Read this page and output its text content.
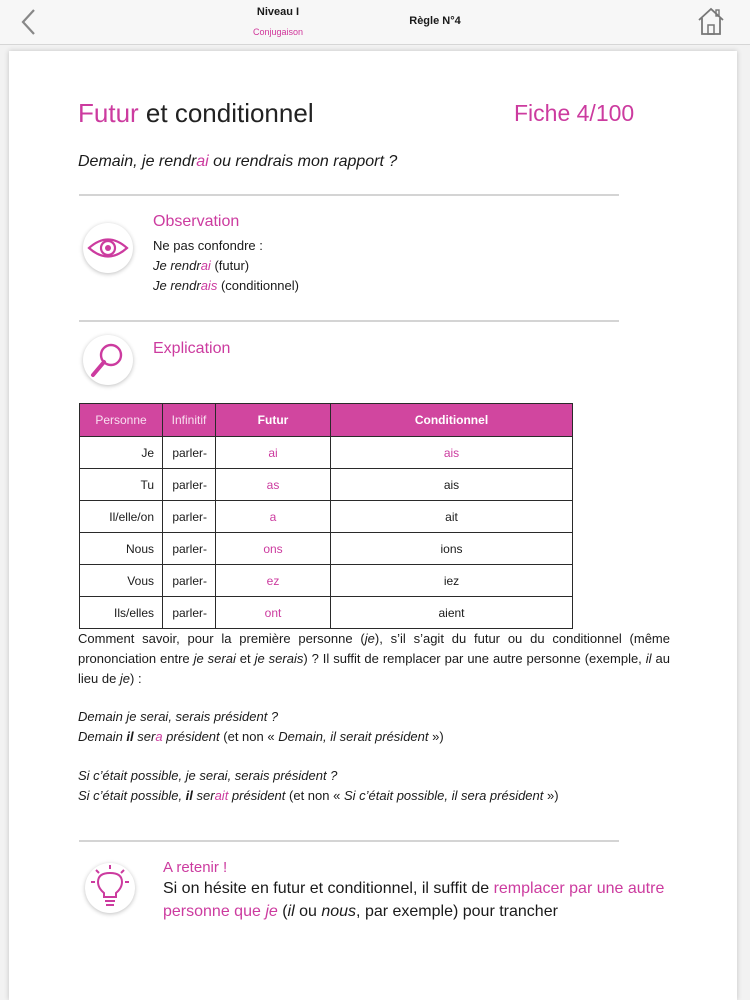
Niveau I
Conjugaison
Règle N°4
Futur et conditionnel	Fiche 4/100
Demain, je rendrai ou rendrais mon rapport ?
Observation
Ne pas confondre :
Je rendrai (futur)
Je rendrais (conditionnel)
Explication
Personne	Infinitif	Futur	Conditionnel
Je	parler-	ai	ais
Tu	parler-	as	ais
Il/elle/on	parler-	a	ait
Nous	parler-	ons	ions
Vous	parler-	ez	iez
Ils/elles	parler-	ont	aient
Comment savoir, pour la première personne (je), s’il s’agit du futur ou du conditionnel (même prononciation entre je serai et je serais) ? Il suffit de remplacer par une autre personne (exemple, il au lieu de je) :
Demain je serai, serais président ?
Demain il sera président (et non « Demain, il serait président »)
Si c’était possible, je serai, serais président ?
Si c’était possible, il serait président (et non « Si c’était possible, il sera président »)
A retenir !
Si on hésite en futur et conditionnel, il suffit de remplacer par une autre personne que je (il ou nous, par exemple) pour trancher
